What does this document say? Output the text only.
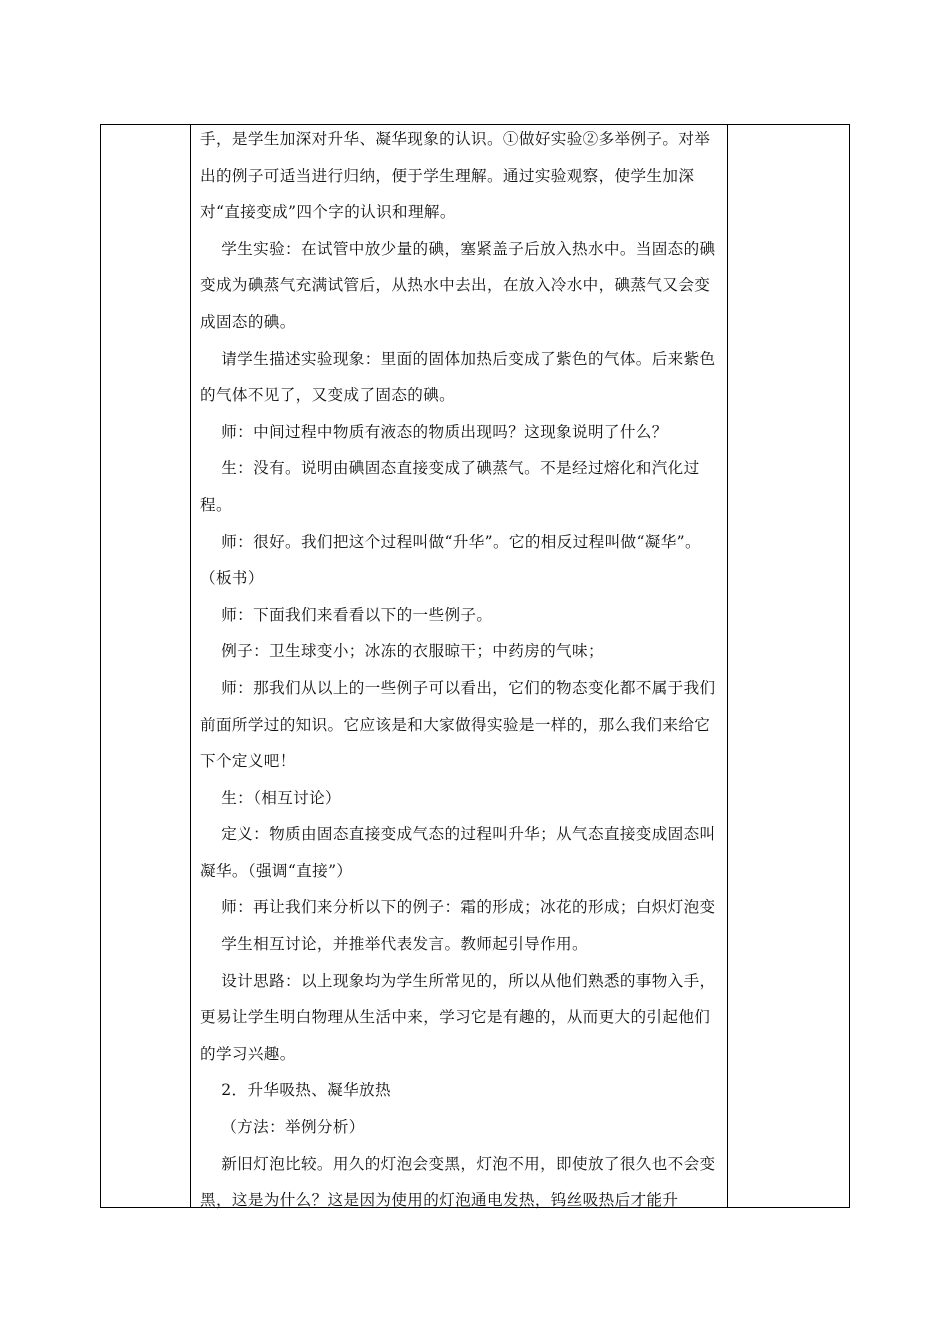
手，是学生加深对升华、凝华现象的认识。①做好实验②多举例子。对举出的例子可适当进行归纳，便于学生理解。通过实验观察，使学生加深对“直接变成”四个字的认识和理解。

学生实验：在试管中放少量的碘，塞紧盖子后放入热水中。当固态的碘变成为碘蒸气充满试管后，从热水中去出，在放入冷水中，碘蒸气又会变成固态的碘。

请学生描述实验现象：里面的固体加热后变成了紫色的气体。后来紫色的气体不见了，又变成了固态的碘。

师：中间过程中物质有液态的物质出现吗？这现象说明了什么？

生：没有。说明由碘固态直接变成了碘蒸气。不是经过熔化和汽化过程。

师：很好。我们把这个过程叫做“升华”。它的相反过程叫做“凝华”。（板书）

师：下面我们来看看以下的一些例子。

例子：卫生球变小；冰冻的衣服晾干；中药房的气味；

师：那我们从以上的一些例子可以看出，它们的物态变化都不属于我们前面所学过的知识。它应该是和大家做得实验是一样的，那么我们来给它下个定义吧！

生：（相互讨论）

定义：物质由固态直接变成气态的过程叫升华；从气态直接变成固态叫凝华。（强调“直接”）

师：再让我们来分析以下的例子：霜的形成；冰花的形成；白炽灯泡变

学生相互讨论，并推举代表发言。教师起引导作用。

设计思路：以上现象均为学生所常见的，所以从他们熟悉的事物入手，更易让学生明白物理从生活中来，学习它是有趣的，从而更大的引起他们的学习兴趣。

2．升华吸热、凝华放热

（方法：举例分析）

新旧灯泡比较。用久的灯泡会变黑，灯泡不用，即使放了很久也不会变黑，这是为什么？这是因为使用的灯泡通电发热，钨丝吸热后才能升
